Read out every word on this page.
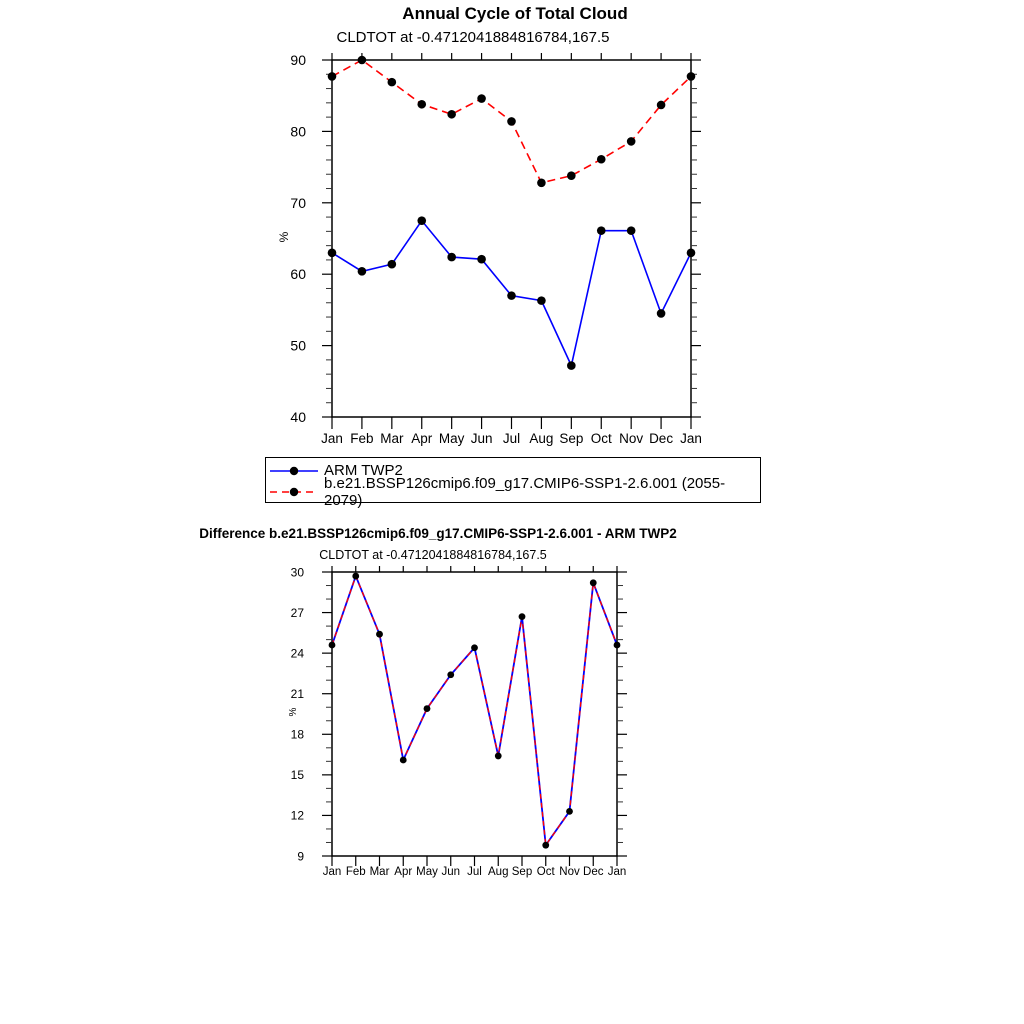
40
50
60
70
80
90
Jan Feb Mar Apr May Jun Jul Aug Sep Oct Nov Dec Jan
9
12
15
18
21
24
27
30
Jan Feb Mar Apr May Jun Jul Aug Sep Oct Nov Dec Jan
Annual Cycle of Total Cloud
CLDTOT at -0.4712041884816784,167.5
%
ARM TWP2
b.e21.BSSP126cmip6.f09_g17.CMIP6-SSP1-2.6.001 (2055-2079)
Difference b.e21.BSSP126cmip6.f09_g17.CMIP6-SSP1-2.6.001 - ARM TWP2
CLDTOT at -0.4712041884816784,167.5
%
